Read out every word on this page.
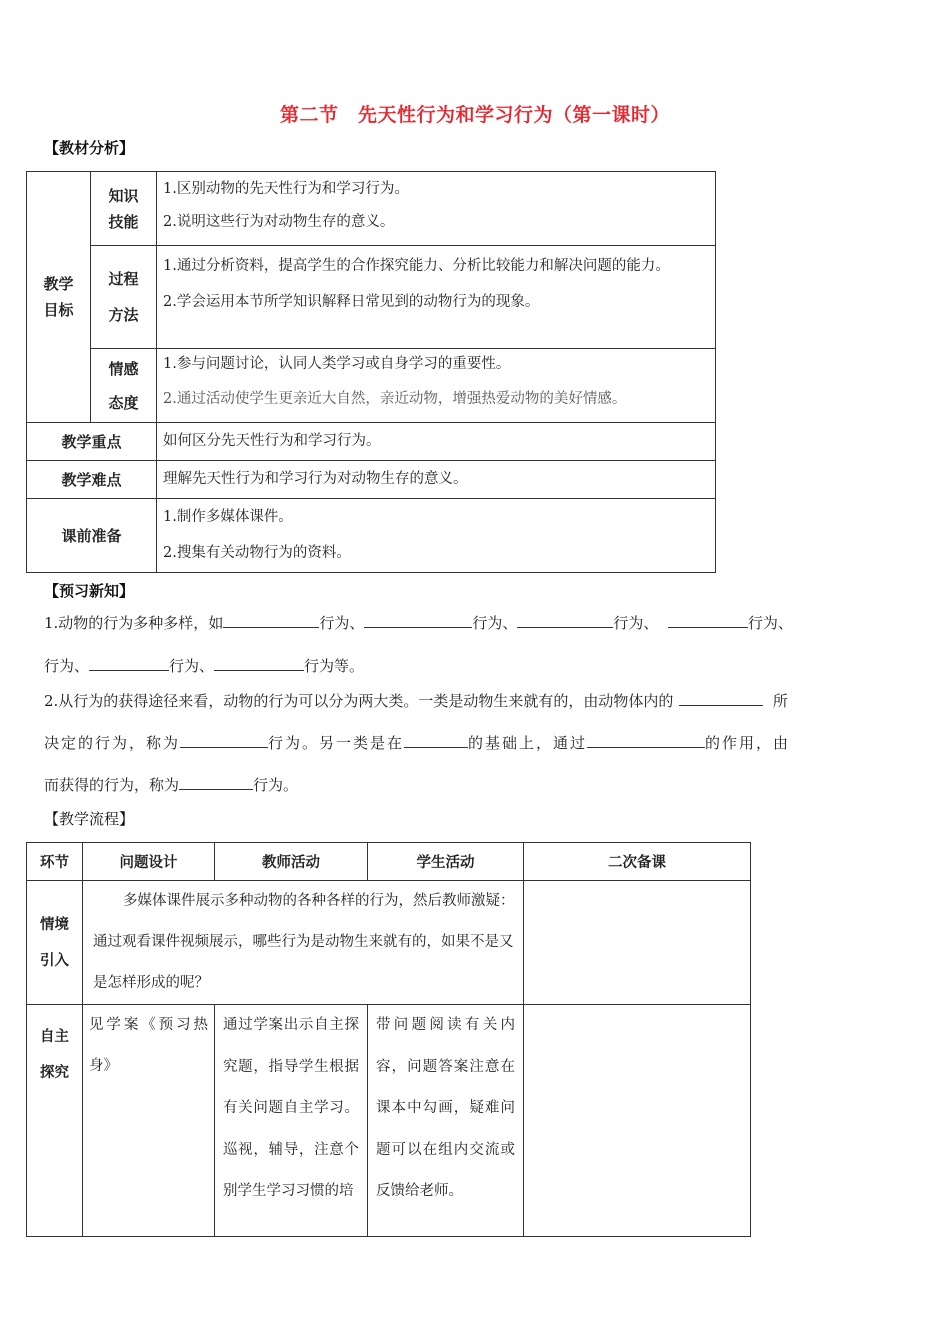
第二节　先天性行为和学习行为（第一课时）
【教材分析】
教学目标	知识技能	1.区别动物的先天性行为和学习行为。

2.说明这些行为对动物生存的意义。

	过程方法	1.通过分析资料，提高学生的合作探究能力、分析比较能力和解决问题的能力。

2.学会运用本节所学知识解释日常见到的动物行为的现象。

	情感态度	1.参与问题讨论，认同人类学习或自身学习的重要性。

2.通过活动使学生更亲近大自然，亲近动物，增强热爱动物的美好情感。

教学重点		如何区分先天性行为和学习行为。
教学难点		理解先天性行为和学习行为对动物生存的意义。
课前准备		1.制作多媒体课件。

2.搜集有关动物行为的资料。

【预习新知】

1.动物的行为多种多样，如	行为、	行为、	行为、	行为、

行为、	行为、	行为等。

2.从行为的获得途径来看，动物的行为可以分为两大类。一类是动物生来就有的，由动物体内的	所

决定的行为，称为	行为。另一类是在	的基础上，通过	的作用，由

而获得的行为，称为	行为。

【教学流程】
环节	问题设计	教师活动	学生活动	二次备课

情境引入	多媒体课件展示多种动物的各种各样的行为，然后教师激疑：通过观看课件视频展示，哪些行为是动物生来就有的，如果不是又是怎样形成的呢？			

自主探究	见学案《预习热身》	通过学案出示自主探究题，指导学生根据有关问题自主学习。巡视，辅导，注意个别学生学习习惯的培	带问题阅读有关内容，问题答案注意在课本中勾画，疑难问题可以在组内交流或反馈给老师。	
